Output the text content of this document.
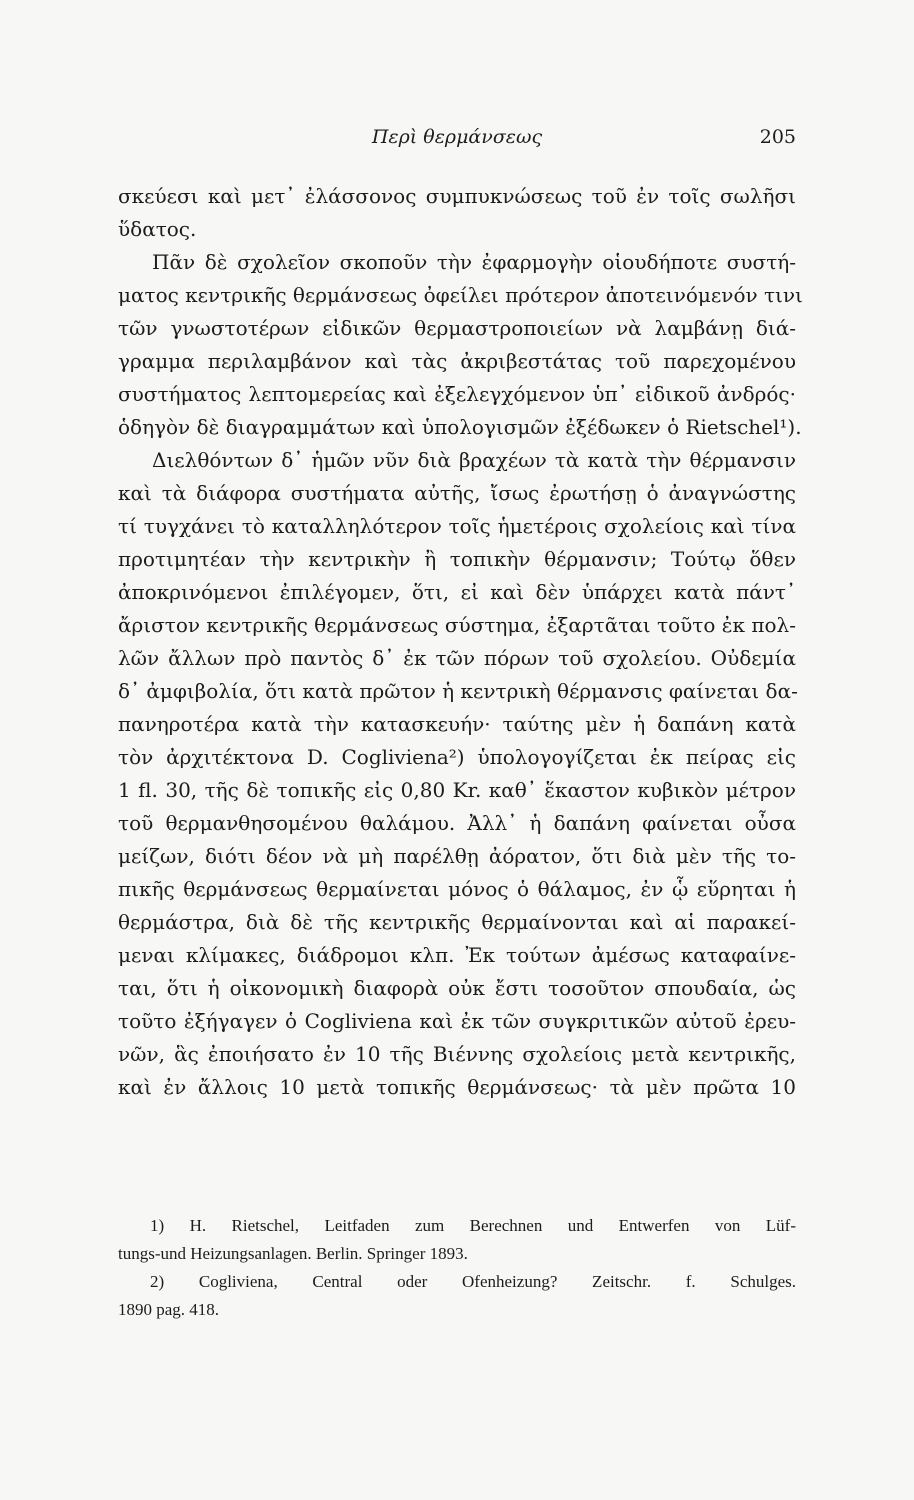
Περὶ θερμάνσεως	205
σκεύεσι καὶ μετ᾽ ἐλάσσονος συμπυκνώσεως τοῦ ἐν τοῖς σωλῆσι
ὕδατος.
Πᾶν δὲ σχολεῖον σκοποῦν τὴν ἐφαρμογὴν οἱουδήποτε συστή-
ματος κεντρικῆς θερμάνσεως ὀφείλει πρότερον ἀποτεινόμενόν τινι
τῶν γνωστοτέρων εἰδικῶν θερμαστροποιείων νὰ λαμβάνῃ διά-
γραμμα περιλαμβάνον καὶ τὰς ἀκριβεστάτας τοῦ παρεχομένου
συστήματος λεπτομερείας καὶ ἐξελεγχόμενον ὑπ᾽ εἰδικοῦ ἀνδρός·
ὁδηγὸν δὲ διαγραμμάτων καὶ ὑπολογισμῶν ἐξέδωκεν ὁ Rietschel¹).
Διελθόντων δ᾽ ἡμῶν νῦν διὰ βραχέων τὰ κατὰ τὴν θέρμανσιν
καὶ τὰ διάφορα συστήματα αὐτῆς, ἴσως ἐρωτήσῃ ὁ ἀναγνώστης
τί τυγχάνει τὸ καταλληλότερον τοῖς ἡμετέροις σχολείοις καὶ τίνα
προτιμητέαν τὴν κεντρικὴν ἢ τοπικὴν θέρμανσιν; Τούτῳ ὅθεν
ἀποκρινόμενοι ἐπιλέγομεν, ὅτι, εἰ καὶ δὲν ὑπάρχει κατὰ πάντ᾽
ἄριστον κεντρικῆς θερμάνσεως σύστημα, ἐξαρτᾶται τοῦτο ἐκ πολ-
λῶν ἄλλων πρὸ παντὸς δ᾽ ἐκ τῶν πόρων τοῦ σχολείου. Οὐδεμία
δ᾽ ἀμφιβολία, ὅτι κατὰ πρῶτον ἡ κεντρικὴ θέρμανσις φαίνεται δα-
πανηροτέρα κατὰ τὴν κατασκευήν· ταύτης μὲν ἡ δαπάνη κατὰ
τὸν ἀρχιτέκτονα D. Cogliviena²) ὑπολογογίζεται ἐκ πείρας εἰς
1 fl. 30, τῆς δὲ τοπικῆς εἰς 0,80 Kr. καθ᾽ ἕκαστον κυβικὸν μέτρον
τοῦ θερμανθησομένου θαλάμου. Ἀλλ᾽ ἡ δαπάνη φαίνεται οὖσα
μείζων, διότι δέον νὰ μὴ παρέλθῃ ἀόρατον, ὅτι διὰ μὲν τῆς το-
πικῆς θερμάνσεως θερμαίνεται μόνος ὁ θάλαμος, ἐν ᾧ εὕρηται ἡ
θερμάστρα, διὰ δὲ τῆς κεντρικῆς θερμαίνονται καὶ αἱ παρακεί-
μεναι κλίμακες, διάδρομοι κλπ. Ἐκ τούτων ἀμέσως καταφαίνε-
ται, ὅτι ἡ οἰκονομικὴ διαφορὰ οὐκ ἔστι τοσοῦτον σπουδαία, ὡς
τοῦτο ἐξήγαγεν ὁ Cogliviena καὶ ἐκ τῶν συγκριτικῶν αὐτοῦ ἐρευ-
νῶν, ἃς ἐποιήσατο ἐν 10 τῆς Βιέννης σχολείοις μετὰ κεντρικῆς,
καὶ ἐν ἄλλοις 10 μετὰ τοπικῆς θερμάνσεως· τὰ μὲν πρῶτα 10
1) H. Rietschel, Leitfaden zum Berechnen und Entwerfen von Lüf-
tungs-und Heizungsanlagen. Berlin. Springer 1893.
2) Cogliviena, Central oder Ofenheizung? Zeitschr. f. Schulges.
1890 pag. 418.
